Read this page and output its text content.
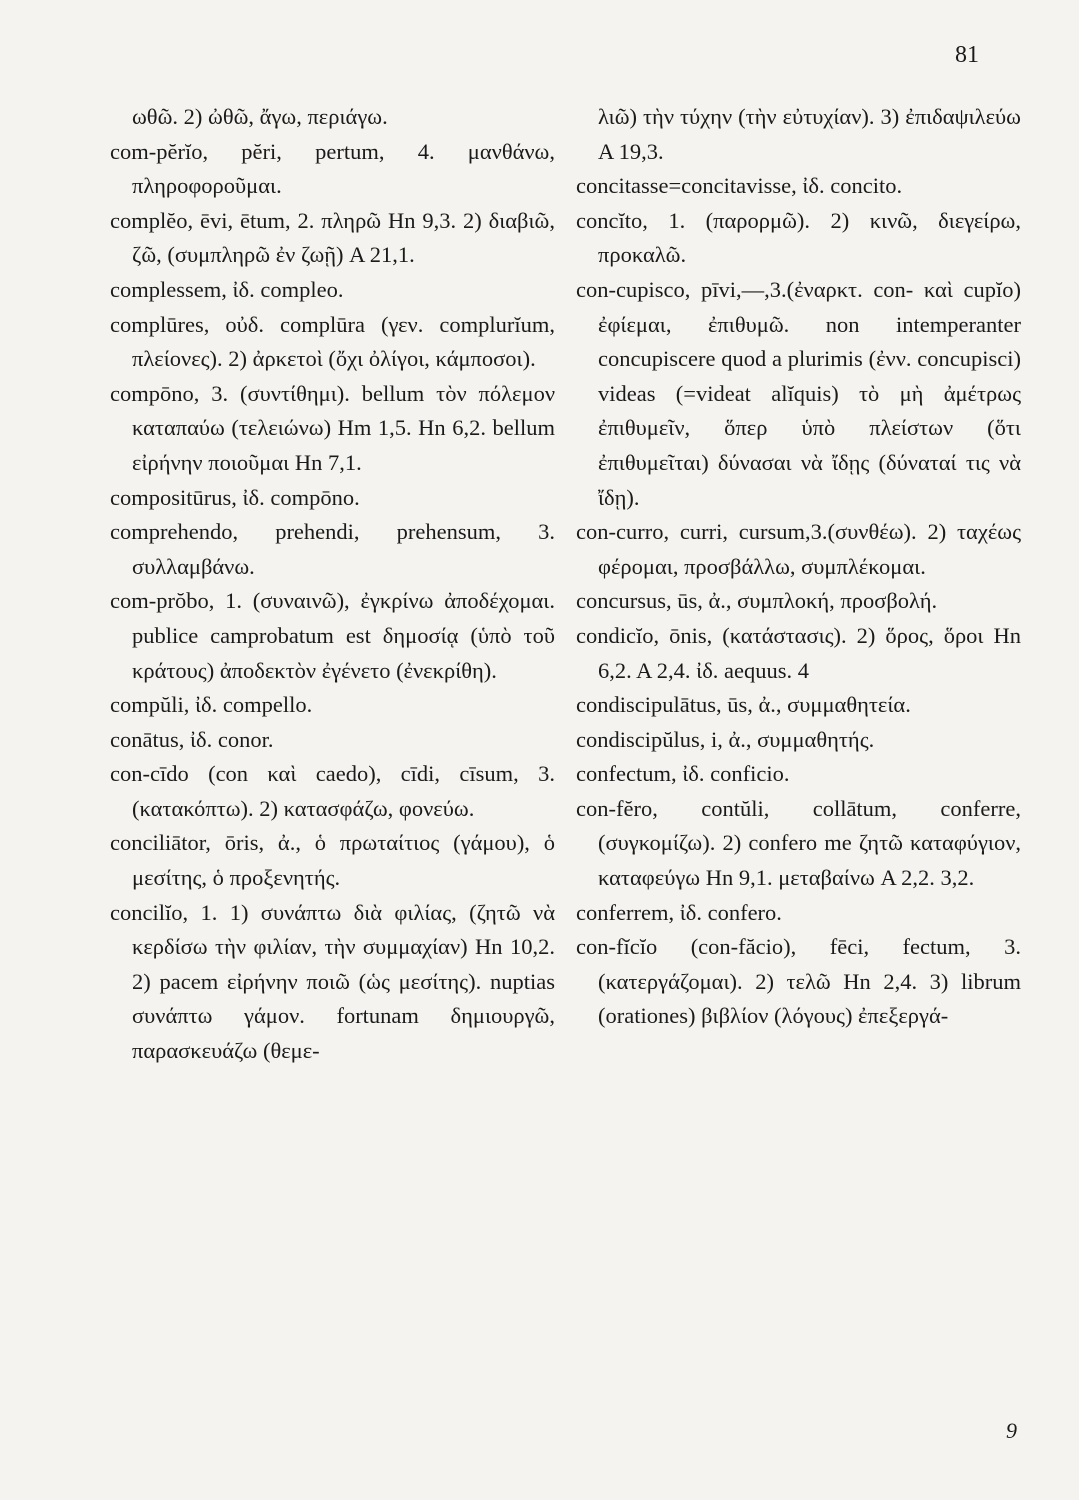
81

ωθῶ. 2) ὠθῶ, ἄγω, περιάγω.

com-pĕrĭo, pĕri, pertum, 4. μανθάνω, πληροφοροῦμαι.

complĕo, ēvi, ētum, 2. πληρῶ Hn 9,3. 2) διαβιῶ, ζῶ, (συμπληρῶ ἐν ζωῇ) A 21,1.

complessem, ἰδ. compleo.

complūres, οὐδ. complūra (γεν. complurĭum, πλείονες). 2) ἀρκετοὶ (ὄχι ὀλίγοι, κάμποσοι).

compōno, 3. (συντίθημι). bellum τὸν πόλεμον καταπαύω (τελειώνω) Hm 1,5. Hn 6,2. bellum εἰρήνην ποιοῦμαι Hn 7,1.

compositūrus, ἰδ. compōno.

comprehendo, prehendi, prehensum, 3. συλλαμβάνω.

com-prŏbo, 1. (συναινῶ), ἐγκρίνω ἀποδέχομαι. publice camprobatum est δημοσίᾳ (ὑπὸ τοῦ κράτους) ἀποδεκτὸν ἐγένετο (ἐνεκρίθη).

compŭli, ἰδ. compello.

conātus, ἰδ. conor.

con-cīdo (con καὶ caedo), cīdi, cīsum, 3. (κατακόπτω). 2) κατασφάζω, φονεύω.

conciliātor, ōris, ἀ., ὁ πρωταίτιος (γάμου), ὁ μεσίτης, ὁ προξενητής.

concilĭo, 1. 1) συνάπτω διὰ φιλίας, (ζητῶ νὰ κερδίσω τὴν φιλίαν, τὴν συμμαχίαν) Hn 10,2. 2) pacem εἰρήνην ποιῶ (ὡς μεσίτης). nuptias συνάπτω γάμον. fortunam δημιουργῶ, παρασκευάζω (θεμε-

λιῶ) τὴν τύχην (τὴν εὐτυχίαν). 3) ἐπιδαψιλεύω A 19,3.

concitasse=concitavisse, ἰδ. concito.

concĭto, 1. (παρορμῶ). 2) κινῶ, διεγείρω, προκαλῶ.

con-cupisco, pīvi,—,3.(ἐναρκτ. con- καὶ cupĭo) ἐφίεμαι, ἐπιθυμῶ. non intemperanter concupiscere quod a plurimis (ἐνν. concupisci) videas (=videat alĭquis) τὸ μὴ ἀμέτρως ἐπιθυμεῖν, ὅπερ ὑπὸ πλείστων (ὅτι ἐπιθυμεῖται) δύνασαι νὰ ἴδῃς (δύναταί τις νὰ ἴδῃ).

con-curro, curri, cursum,3.(συνθέω). 2) ταχέως φέρομαι, προσβάλλω, συμπλέκομαι.

concursus, ūs, ἀ., συμπλοκή, προσβολή.

condicĭo, ōnis, (κατάστασις). 2) ὅρος, ὅροι Hn 6,2. A 2,4. ἰδ. aequus. 4

condiscipulātus, ūs, ἀ., συμμαθητεία.

condiscipŭlus, i, ἀ., συμμαθητής.

confectum, ἰδ. conficio.

con-fĕro, contŭli, collātum, conferre, (συγκομίζω). 2) confero me ζητῶ καταφύγιον, καταφεύγω Hn 9,1. μεταβαίνω A 2,2. 3,2.

conferrem, ἰδ. confero.

con-fĭcĭo (con-făcio), fēci, fectum, 3. (κατεργάζομαι). 2) τελῶ Hn 2,4. 3) librum (orationes) βιβλίον (λόγους) ἐπεξεργά-

9
